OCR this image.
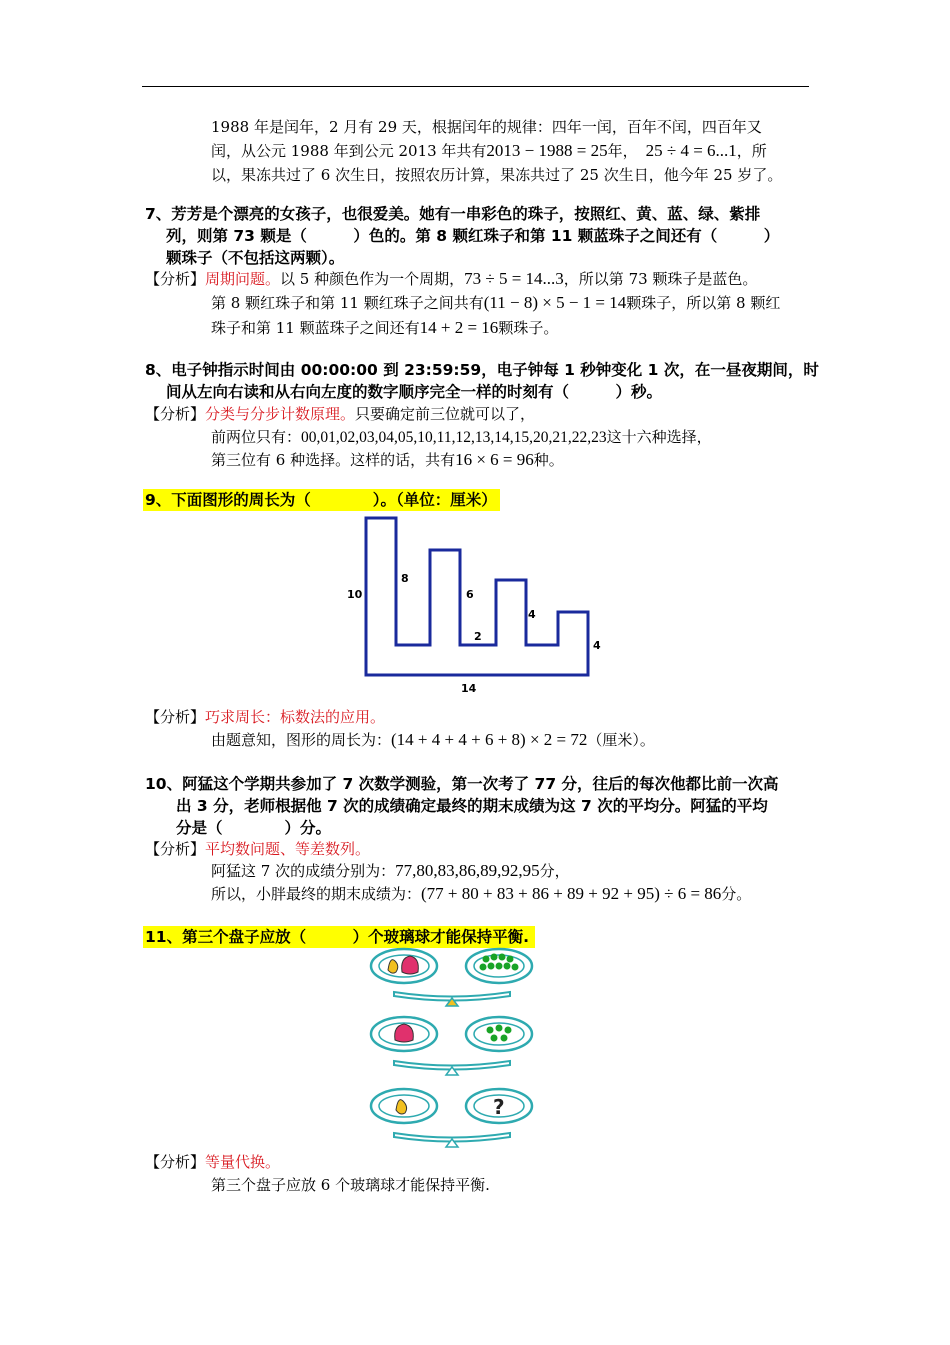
1988 年是闰年，2 月有 29 天，根据闰年的规律：四年一闰，百年不闰，四百年又
闰，从公元 1988 年到公元 2013 年共有2013 − 1988 = 25年， 25 ÷ 4 = 6...1，所
以，果冻共过了 6 次生日，按照农历计算，果冻共过了 25 次生日，他今年 25 岁了。
7、芳芳是个漂亮的女孩子，也很爱美。她有一串彩色的珠子，按照红、黄、蓝、绿、紫排
列，则第 73 颗是（　　　）色的。第 8 颗红珠子和第 11 颗蓝珠子之间还有（　　　）
颗珠子（不包括这两颗）。
【分析】周期问题。以 5 种颜色作为一个周期，73 ÷ 5 = 14...3，所以第 73 颗珠子是蓝色。
第 8 颗红珠子和第 11 颗红珠子之间共有(11 − 8) × 5 − 1 = 14颗珠子，所以第 8 颗红
珠子和第 11 颗蓝珠子之间还有14 + 2 = 16颗珠子。
8、电子钟指示时间由 00:00:00 到 23:59:59，电子钟每 1 秒钟变化 1 次，在一昼夜期间，时
间从左向右读和从右向左度的数字顺序完全一样的时刻有（　　　）秒。
【分析】分类与分步计数原理。只要确定前三位就可以了，
前两位只有：00,01,02,03,04,05,10,11,12,13,14,15,20,21,22,23这十六种选择，
第三位有 6 种选择。这样的话，共有16 × 6 = 96种。
9、下面图形的周长为（　　　　）。（单位：厘米）
10
8
6
2
4
4
14
【分析】巧求周长：标数法的应用。
由题意知，图形的周长为：(14 + 4 + 4 + 6 + 8) × 2 = 72（厘米）。
10、阿猛这个学期共参加了 7 次数学测验，第一次考了 77 分，往后的每次他都比前一次高
出 3 分，老师根据他 7 次的成绩确定最终的期末成绩为这 7 次的平均分。阿猛的平均
分是（　　　　）分。
【分析】平均数问题、等差数列。
阿猛这 7 次的成绩分别为：77,80,83,86,89,92,95分，
所以，小胖最终的期末成绩为：(77 + 80 + 83 + 86 + 89 + 92 + 95) ÷ 6 = 86分。
11、第三个盘子应放（　　　）个玻璃球才能保持平衡.
?
【分析】等量代换。
第三个盘子应放 6 个玻璃球才能保持平衡.
